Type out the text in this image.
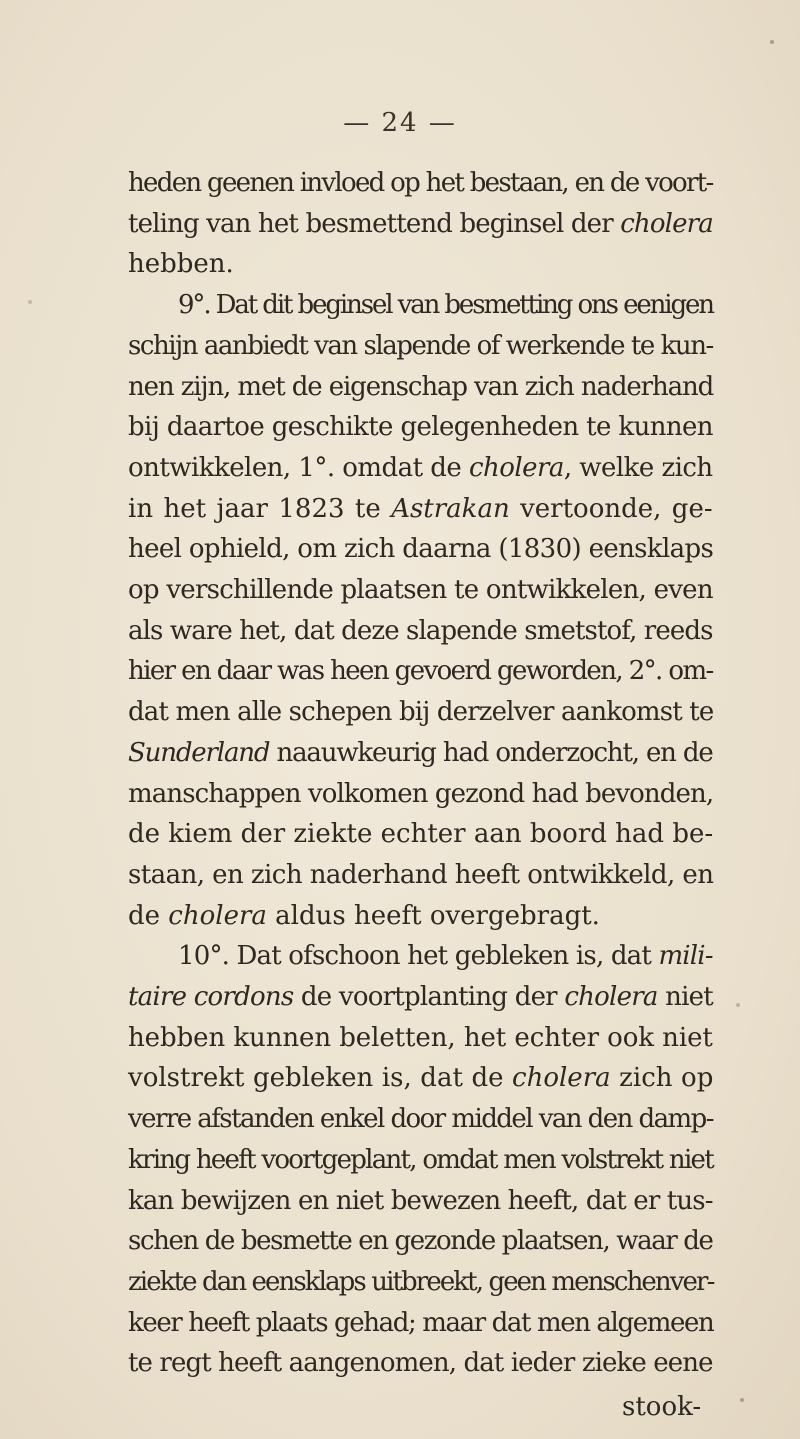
— 24 —
heden geenen invloed op het bestaan, en de voort-
teling van het besmettend beginsel der cholera
hebben.
9°. Dat dit beginsel van besmetting ons eenigen
schijn aanbiedt van slapende of werkende te kun-
nen zijn, met de eigenschap van zich naderhand
bij daartoe geschikte gelegenheden te kunnen
ontwikkelen, 1°. omdat de cholera, welke zich
in het jaar 1823 te Astrakan vertoonde, ge-
heel ophield, om zich daarna (1830) eensklaps
op verschillende plaatsen te ontwikkelen, even
als ware het, dat deze slapende smetstof, reeds
hier en daar was heen gevoerd geworden, 2°. om-
dat men alle schepen bij derzelver aankomst te
Sunderland naauwkeurig had onderzocht, en de
manschappen volkomen gezond had bevonden,
de kiem der ziekte echter aan boord had be-
staan, en zich naderhand heeft ontwikkeld, en
de cholera aldus heeft overgebragt.
10°. Dat ofschoon het gebleken is, dat mili-
taire cordons de voortplanting der cholera niet
hebben kunnen beletten, het echter ook niet
volstrekt gebleken is, dat de cholera zich op
verre afstanden enkel door middel van den damp-
kring heeft voortgeplant, omdat men volstrekt niet
kan bewijzen en niet bewezen heeft, dat er tus-
schen de besmette en gezonde plaatsen, waar de
ziekte dan eensklaps uitbreekt, geen menschenver-
keer heeft plaats gehad; maar dat men algemeen
te regt heeft aangenomen, dat ieder zieke eene
stook-
